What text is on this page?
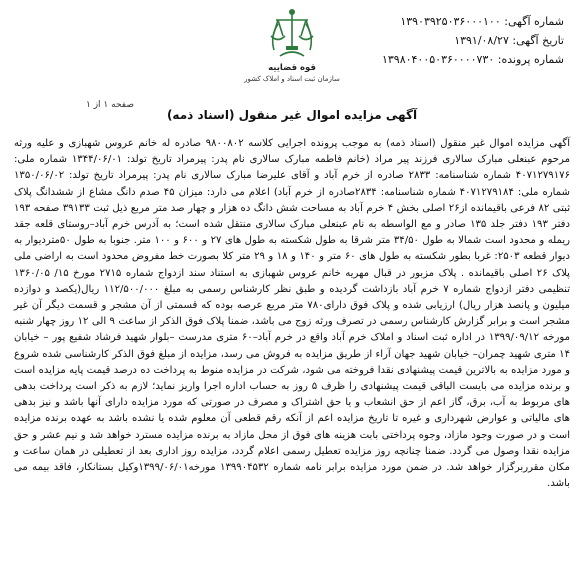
شماره آگهی: ۱۳۹۰۳۹۲۵۰۳۶۰۰۰۱۰۰
تاریخ آگهی: ۱۳۹۱/۰۸/۲۷
شماره پرونده: ۱۳۹۸۰۴۰۰۵۰۳۶۰۰۰۰۷۳۰
قوه قضاییه
سازمان ثبت اسناد و املاک کشور
صفحه ۱ از ۱
آگهی مزایده اموال غیر منقول (اسناد ذمه)

آگهی مزایده اموال غیر منقول (اسناد ذمه) به موجب پرونده اجرایی کلاسه ۹۸۰۰۸۰۲ صادره له خانم عروس شهبازی و علیه ورثه مرحوم عبنعلی مبارک سالاری فرزند پیر مراد (خانم فاطمه مبارک سالاری نام پدر: پیرمراد تاریخ تولد: ۱۳۴۴/۰۶/۰۱ شماره ملی: ۴۰۷۱۲۷۹۱۷۶ شماره شناسنامه: ۲۸۳۳ صادره از خرم آباد و آقای علیرضا مبارک سالاری نام پدر: پیرمراد تاریخ تولد: ۱۳۵۰/۰۶/۰۲ شماره ملی: ۴۰۷۱۲۷۹۱۸۴ شماره شناسنامه: ۲۸۳۴صادره از خرم آباد) اعلام می دارد: میزان ۴۵ صدم دانگ مشاع از ششدانگ پلاک ثبتی ۸۲ فرعی باقیمانده از۲۶ اصلی بخش ۴ خرم آباد به مساحت شش دانگ ده هزار و چهار صد متر مربع ذیل ثبت ۳۹۱۳۳ صفحه ۱۹۳ دفتر ۱۹۳ دفتر جلد ۱۳۵ صادر و مع الواسطه به نام عبنعلی مبارک سالاری منتقل شده است؛ به آدرس خرم آباد–روستای قلعه جقد ریمله و محدود است شمالا به طول ۳۴/۵۰ متر شرقا به طول شکسته به طول های ۲۷ و ۶۰۰ و ۱۰۰ متر. جنوبا به طول ۵۰متردیوار به دیوار قطعه ۲۵۰۳: غربا بطور شکسته به طول های ۶۰ متر و ۱۴۰ و ۱۸ و ۲۹ متر کلا بصورت خط مفروض محدود است به اراضی ملی پلاک ۲۶ اصلی باقیمانده . پلاک مزبور در قبال مهریه خانم عروس شهبازی به استناد سند ازدواج شماره ۲۷۱۵ مورخ ۱۵/ ۱۳۶۰/۰۵ تنظیمی دفتر ازدواج شماره ۷ خرم آباد بازداشت گردیده و طبق نظر کارشناس رسمی به مبلغ ۱۱۲/۵۰۰/۰۰۰ ریال(یکصد و دوازده میلیون و پانصد هزار ریال) ارزیابی شده و پلاک فوق دارای۷۸۰ متر مربع عرصه بوده که قسمتی از آن مشجر و قسمت دیگر آن غیر مشجر است و برابر گزارش کارشناس رسمی در تصرف ورثه زوج می باشد، ضمنا پلاک فوق الذکر از ساعت ۹ الی ۱۲ روز چهار شنبه مورخه ۱۳۹۹/۰۹/۱۲ در اداره ثبت اسناد و املاک خرم آباد واقع در خرم آباد–۶۰ متری مدرست –بلوار شهید فرشاد شفیع پور – خیابان ۱۴ متری شهید چمران– خیابان شهید جهان آراء از طریق مزایده به فروش می رسد، مزایده از مبلغ فوق الذکر کارشناسی شده شروع و مورد مزایده به بالاترین قیمت پیشنهادی نقدا فروخته می شود، شرکت در مزایده منوط به پرداخت ده درصد قیمت پایه مزایده است و برنده مزایده می بایست الباقی قیمت پیشنهادی را ظرف ۵ روز به حساب اداره اجرا واریز نماید؛ لازم به ذکر است پرداخت بدهی های مربوط به آب، برق، گاز اعم از حق انشعاب و یا حق اشتراک و مصرف در صورتی که مورد مزایده دارای آنها باشد و نیز بدهی های مالیاتی و عوارض شهرداری و غیره تا تاریخ مزایده اعم از آنکه رقم قطعی آن معلوم شده یا نشده باشد به عهده برنده مزایده است و در صورت وجود مازاد، وجوه پرداختی بابت هزینه های فوق از محل مازاد به برنده مزایده مسترد خواهد شد و نیم عشر و حق مزایده نقدا وصول می گردد. ضمنا چنانچه روز مزایده تعطیل رسمی اعلام گردد، مزایده روز اداری بعد از تعطیلی در همان ساعت و مکان مقرربرگزار خواهد شد. در ضمن مورد مزایده برابر نامه شماره ۱۳۹۹۰۴۵۳۲ مورخه۱۳۹۹/۰۶/۰۱وکیل بستانکار، فاقد بیمه می باشد.
